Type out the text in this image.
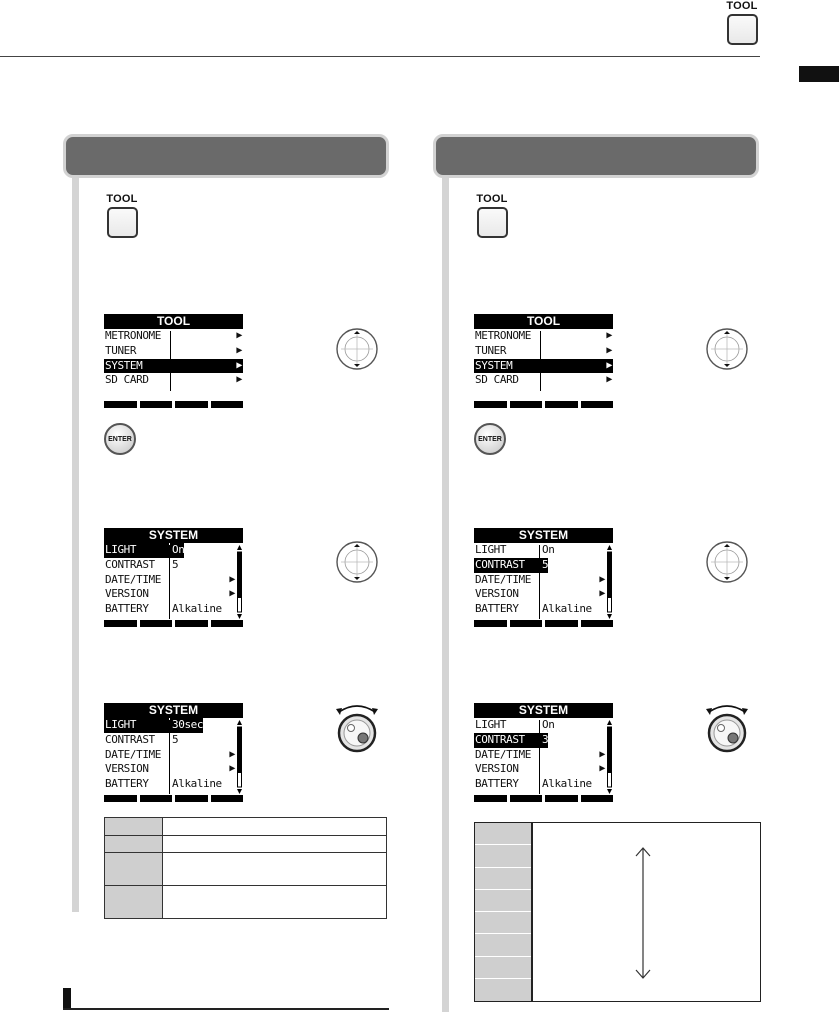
TOOL
TOOL
TOOL
METRONOME	▶
TUNER	▶
SYSTEM	▶
SD CARD	▶
ENTER
SYSTEM
LIGHT	On
CONTRAST	5
DATE/TIME	▶
VERSION	▶
BATTERY	Alkaline
SYSTEM
LIGHT	30sec
CONTRAST	5
DATE/TIME	▶
VERSION	▶
BATTERY	Alkaline

TOOL
TOOL
METRONOME	▶
TUNER	▶
SYSTEM	▶
SD CARD	▶
ENTER
SYSTEM
LIGHT	On
CONTRAST	5
DATE/TIME	▶
VERSION	▶
BATTERY	Alkaline
SYSTEM
LIGHT	On
CONTRAST	3
DATE/TIME	▶
VERSION	▶
BATTERY	Alkaline
